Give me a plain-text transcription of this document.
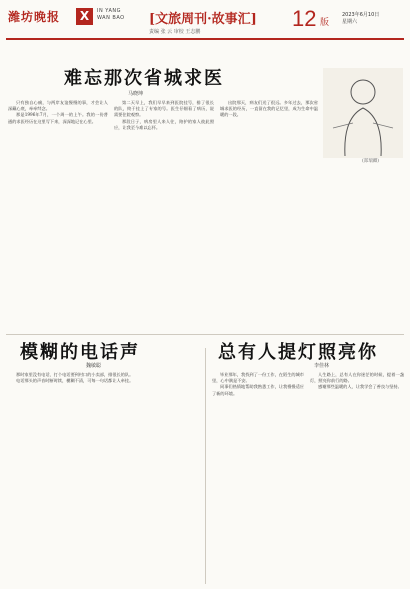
潍坊晚报	X	IN YANG
WAN BAO [文旅周刊·故事汇]
责编 张 云 审校 王志鹏
12 版
2023年6月10日
星期六
难忘那次省城求医
马晓坤

只有独自心痛，与两岸友谊慢慢的事，才会让人深藏心底，牵牵绊念。

那是1996年7月，一个周一的上午。我的一份普通的求医经历在这里写下来，深深地记在心里。

第二天早上，我们早早来到医院挂号，排了很长的队，终于挂上了专家的号。医生仔细看了病历，说需要住院观察。

那段日子，病房里人来人往，陪护的家人彼此照应，让我至今难以忘怀。

出院那天，病友们送了很远。多年过去，那次省城求医的经历，一直留在我的记忆里，成为生命中温暖的一段。

(郑瑞卿)
模糊的电话声
魏敏聪

那时家里没有电话，打个电话要到村口的小卖部，排很长的队。

电话那头的声音时断时续，模糊不清，可每一句话都让人牵挂。

总有人提灯照亮你
李佳林

毕业那年，我找到了一份工作，在陌生的城市里，心中满是不安。

同事们热情地帮助我熟悉工作，让我慢慢适应了新的环境。

人生路上，总有人在你迷茫的时候，提着一盏灯，照亮你前行的路。

感谢那些温暖的人，让我学会了善良与坚持。
